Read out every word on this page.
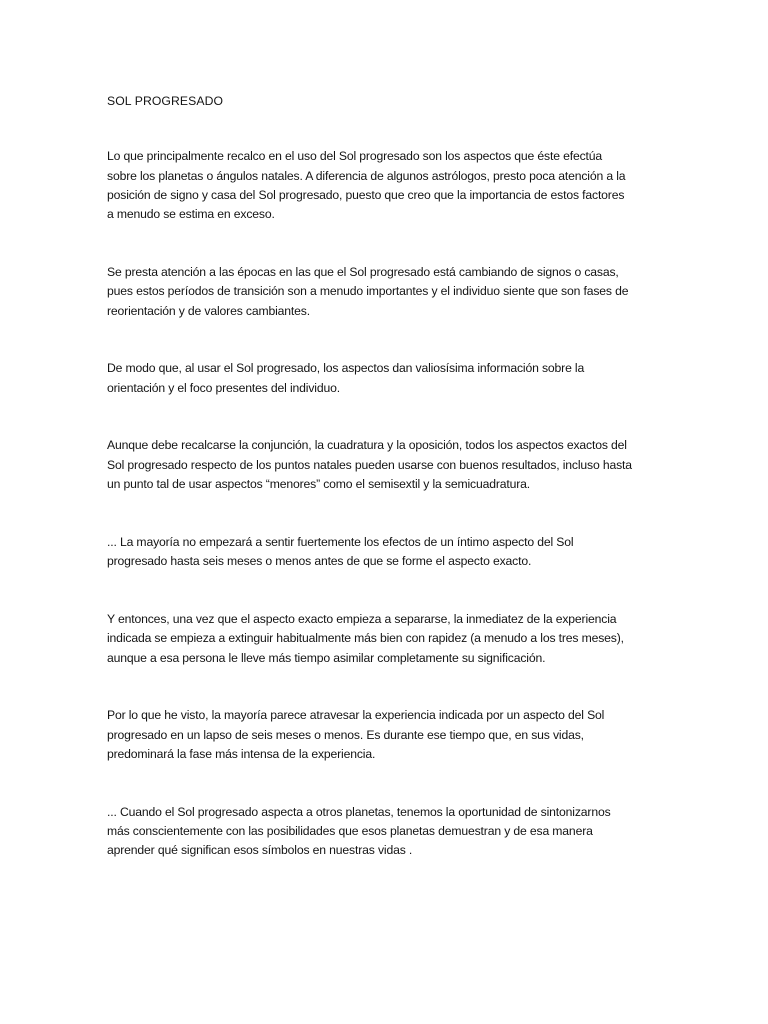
SOL PROGRESADO
Lo que principalmente recalco en el uso del Sol progresado son los aspectos que éste efectúa
sobre los planetas o ángulos natales. A diferencia de algunos astrólogos, presto poca atención a la
posición de signo y casa del Sol progresado, puesto que creo que la importancia de estos factores
a menudo se estima en exceso.
Se presta atención a las épocas en las que el Sol progresado está cambiando de signos o casas,
pues estos períodos de transición son a menudo importantes y el individuo siente que son fases de
reorientación y de valores cambiantes.
De modo que, al usar el Sol progresado, los aspectos dan valiosísima información sobre la
orientación y el foco presentes del individuo.
Aunque debe recalcarse la conjunción, la cuadratura y la oposición, todos los aspectos exactos del
Sol progresado respecto de los puntos natales pueden usarse con buenos resultados, incluso hasta
un punto tal de usar aspectos “menores” como el semisextil y la semicuadratura.
... La mayoría no empezará a sentir fuertemente los efectos de un íntimo aspecto del Sol
progresado hasta seis meses o menos antes de que se forme el aspecto exacto.
Y entonces, una vez que el aspecto exacto empieza a separarse, la inmediatez de la experiencia
indicada se empieza a extinguir habitualmente más bien con rapidez (a menudo a los tres meses),
aunque a esa persona le lleve más tiempo asimilar completamente su significación.
Por lo que he visto, la mayoría parece atravesar la experiencia indicada por un aspecto del Sol
progresado en un lapso de seis meses o menos. Es durante ese tiempo que, en sus vidas,
predominará la fase más intensa de la experiencia.
... Cuando el Sol progresado aspecta a otros planetas, tenemos la oportunidad de sintonizarnos
más conscientemente con las posibilidades que esos planetas demuestran y de esa manera
aprender qué significan esos símbolos en nuestras vidas .
